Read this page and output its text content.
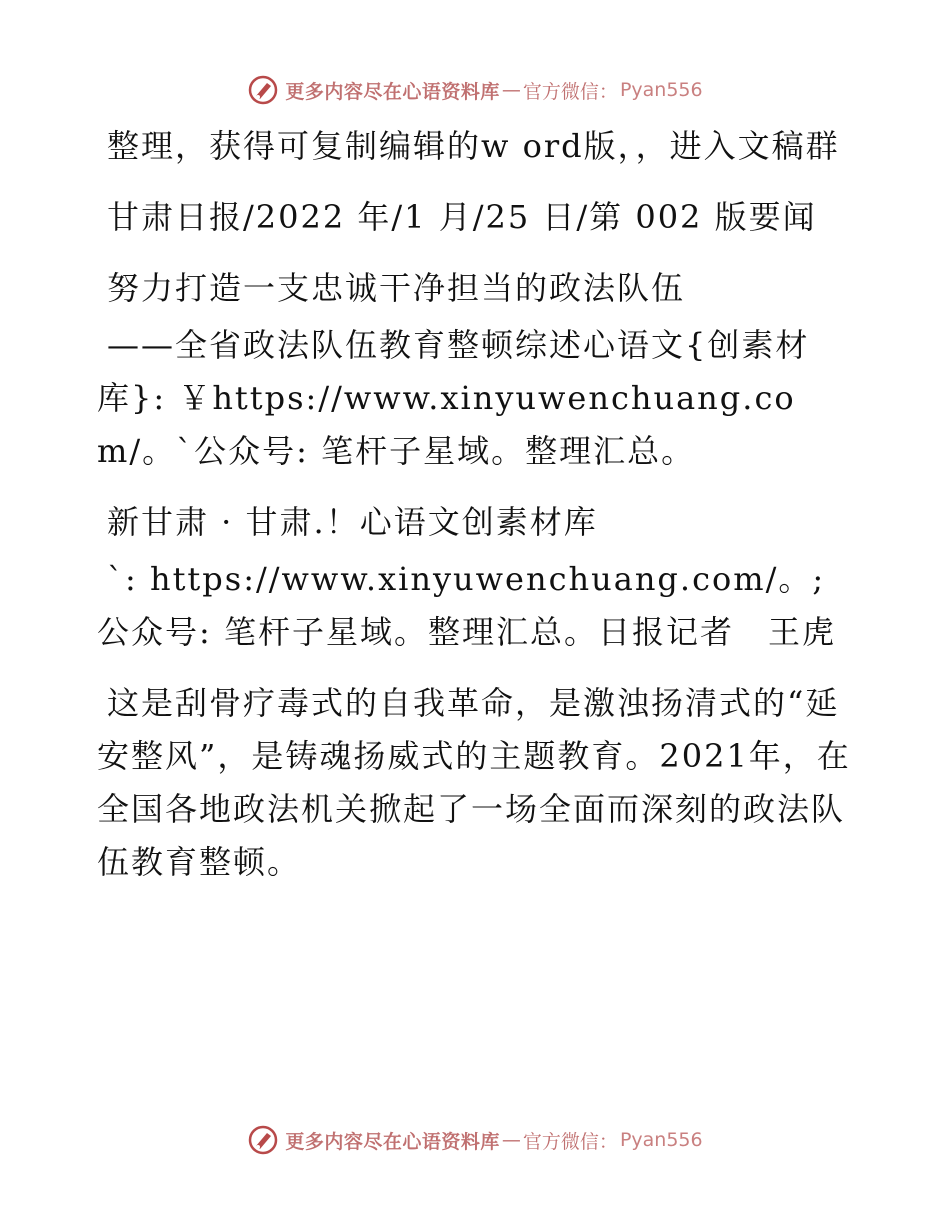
更多内容尽在心语资料库 — 官方微信： Pyan556

整理，获得可复制编辑的w ord版，，进入文稿群

甘肃日报/2022 年/1 月/25 日/第 002 版要闻

努力打造一支忠诚干净担当的政法队伍

——全省政法队伍教育整顿综述心语文{创素材库}: ￥https://www.xinyuwenchuang.com/。`公众号: 笔杆子星域。整理汇总。

新甘肃 · 甘肃.！心语文创素材库

`: https://www.xinyuwenchuang.com/。;公众号: 笔杆子星域。整理汇总。日报记者　王虎

这是刮骨疗毒式的自我革命，是激浊扬清式的“延安整风”，是铸魂扬威式的主题教育。2021年，在全国各地政法机关掀起了一场全面而深刻的政法队伍教育整顿。

更多内容尽在心语资料库 — 官方微信： Pyan556
